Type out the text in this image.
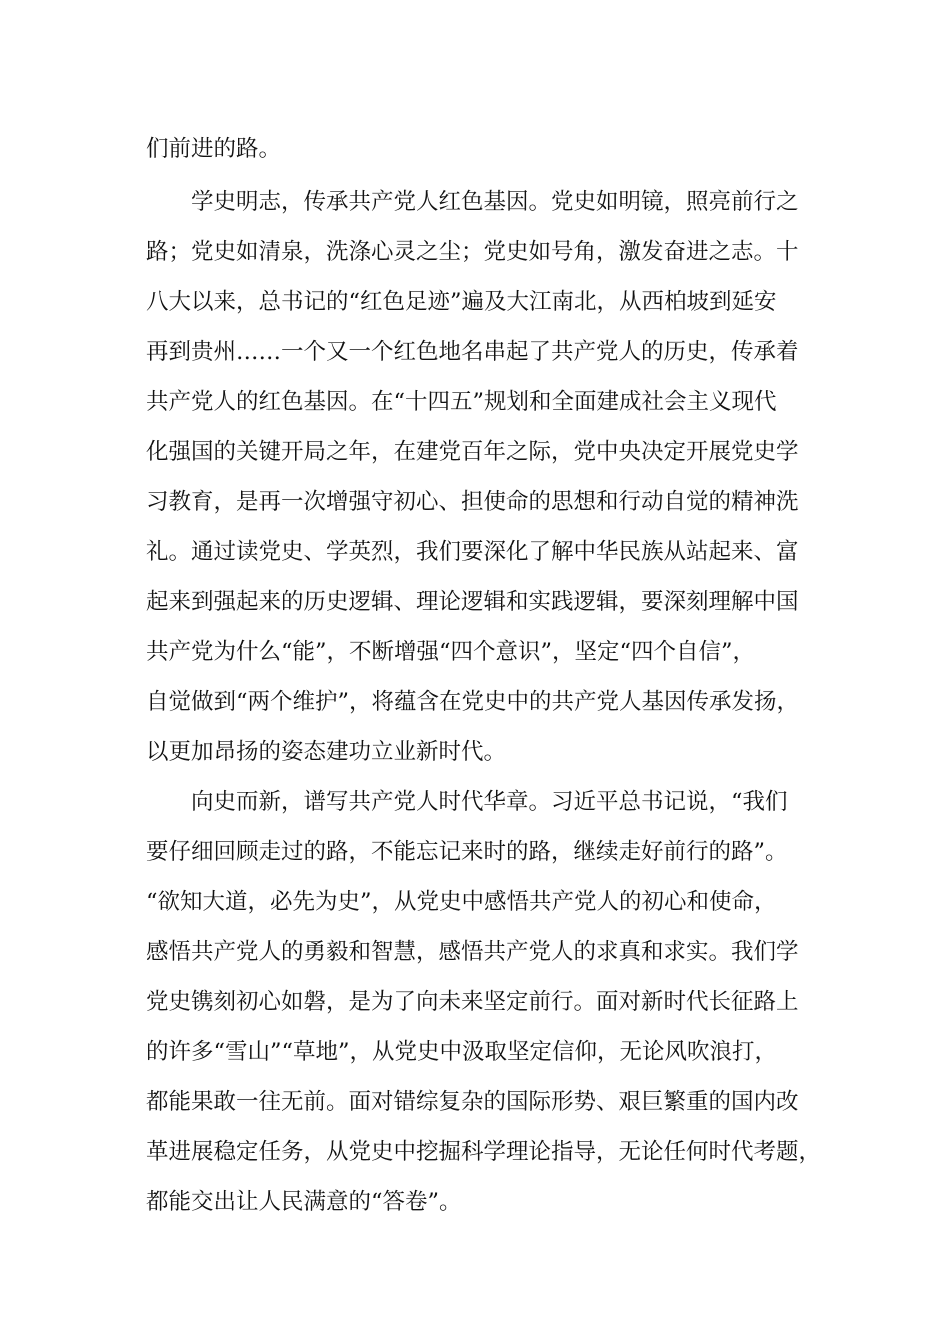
们前进的路。
学史明志，传承共产党人红色基因。党史如明镜，照亮前行之
路；党史如清泉，洗涤心灵之尘；党史如号角，激发奋进之志。十
八大以来，总书记的“红色足迹”遍及大江南北，从西柏坡到延安
再到贵州……一个又一个红色地名串起了共产党人的历史，传承着
共产党人的红色基因。在“十四五”规划和全面建成社会主义现代
化强国的关键开局之年，在建党百年之际，党中央决定开展党史学
习教育，是再一次增强守初心、担使命的思想和行动自觉的精神洗
礼。通过读党史、学英烈，我们要深化了解中华民族从站起来、富
起来到强起来的历史逻辑、理论逻辑和实践逻辑，要深刻理解中国
共产党为什么“能”，不断增强“四个意识”，坚定“四个自信”，
自觉做到“两个维护”，将蕴含在党史中的共产党人基因传承发扬，
以更加昂扬的姿态建功立业新时代。
向史而新，谱写共产党人时代华章。习近平总书记说，“我们
要仔细回顾走过的路，不能忘记来时的路，继续走好前行的路”。
“欲知大道，必先为史”，从党史中感悟共产党人的初心和使命，
感悟共产党人的勇毅和智慧，感悟共产党人的求真和求实。我们学
党史镌刻初心如磐，是为了向未来坚定前行。面对新时代长征路上
的许多“雪山”“草地”，从党史中汲取坚定信仰，无论风吹浪打，
都能果敢一往无前。面对错综复杂的国际形势、艰巨繁重的国内改
革进展稳定任务，从党史中挖掘科学理论指导，无论任何时代考题，
都能交出让人民满意的“答卷”。
